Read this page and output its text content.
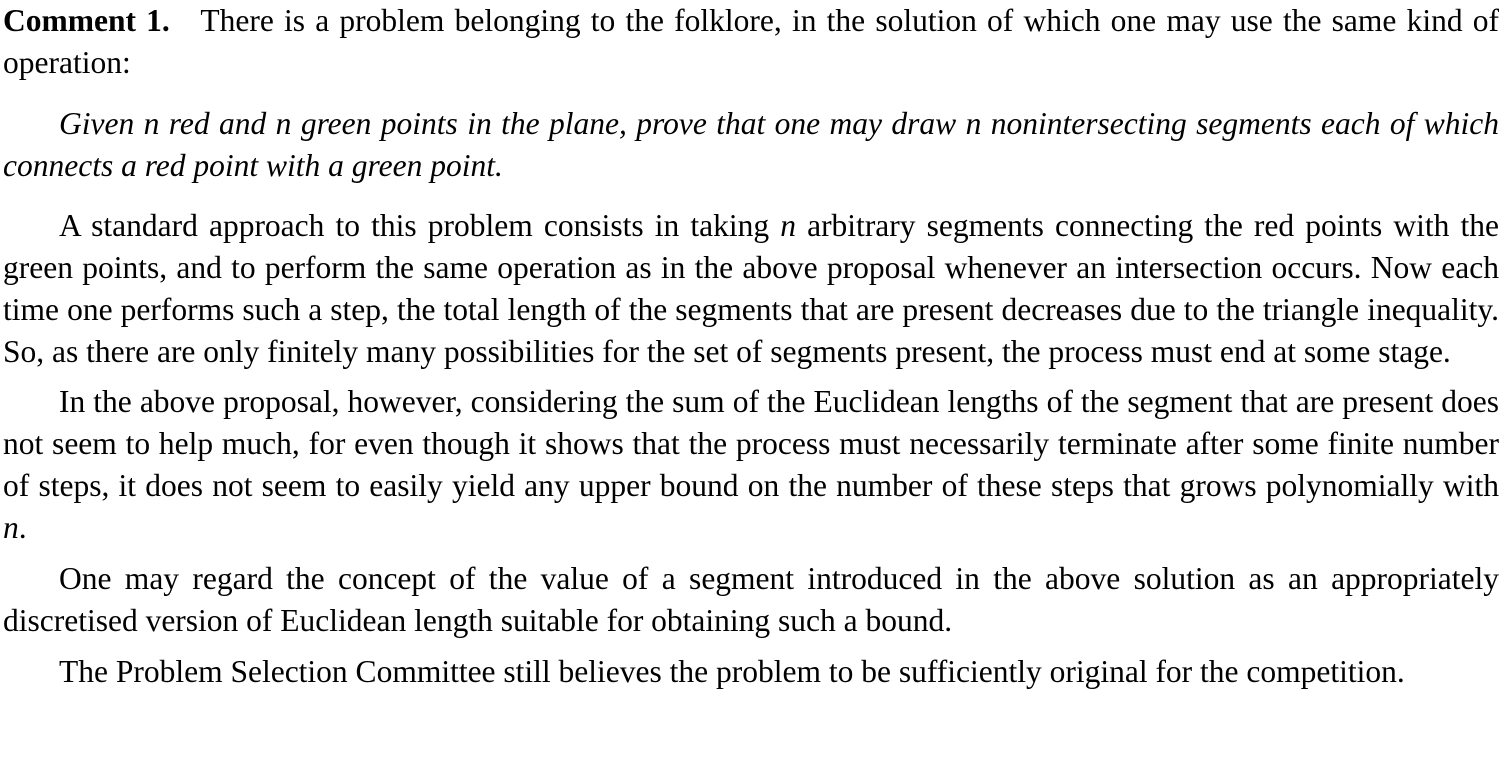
Comment 1. There is a problem belonging to the folklore, in the solution of which one may use the same kind of operation:

Given n red and n green points in the plane, prove that one may draw n nonintersecting segments each of which connects a red point with a green point.

A standard approach to this problem consists in taking n arbitrary segments connecting the red points with the green points, and to perform the same operation as in the above proposal whenever an intersection occurs. Now each time one performs such a step, the total length of the segments that are present decreases due to the triangle inequality. So, as there are only finitely many possibilities for the set of segments present, the process must end at some stage.

In the above proposal, however, considering the sum of the Euclidean lengths of the segment that are present does not seem to help much, for even though it shows that the process must necessarily terminate after some finite number of steps, it does not seem to easily yield any upper bound on the number of these steps that grows polynomially with n.

One may regard the concept of the value of a segment introduced in the above solution as an appropriately discretised version of Euclidean length suitable for obtaining such a bound.

The Problem Selection Committee still believes the problem to be sufficiently original for the competition.
